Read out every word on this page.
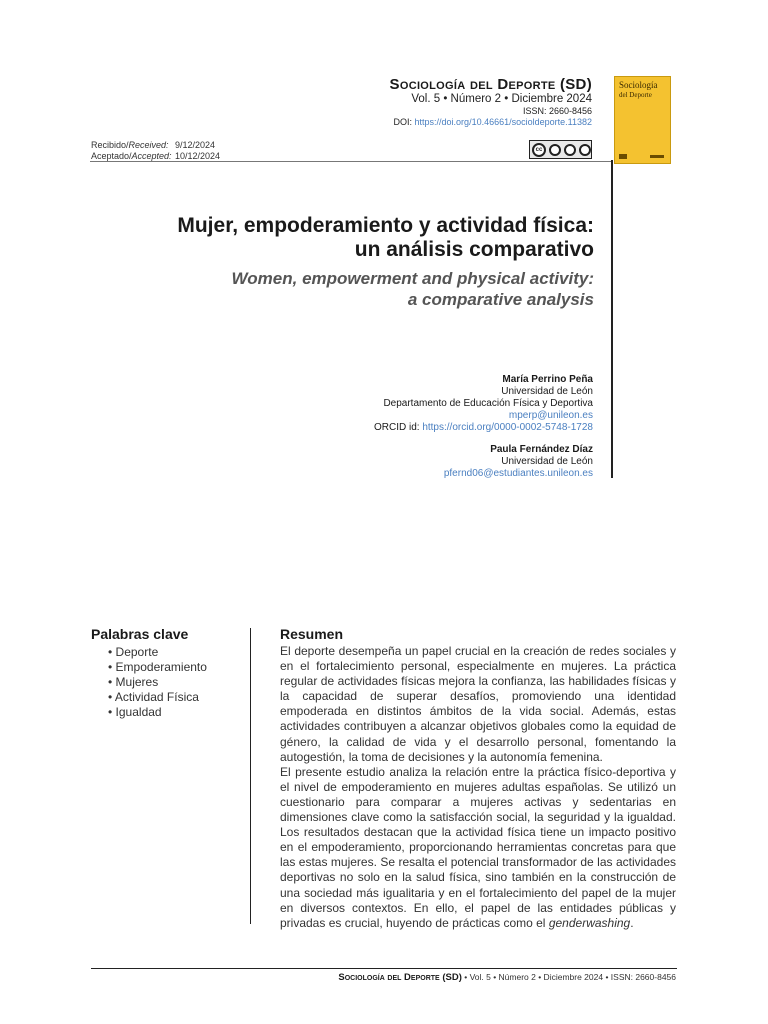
Sociología del Deporte (SD)
Vol. 5 • Número 2 • Diciembre 2024
ISSN: 2660-8456
DOI: https://doi.org/10.46661/socioldeporte.11382
Sociología
del Deporte
cc
Recibido/Received: 9/12/2024
Aceptado/Accepted: 10/12/2024
Mujer, empoderamiento y actividad física:
un análisis comparativo
Women, empowerment and physical activity:
a comparative analysis
María Perrino Peña
Universidad de León
Departamento de Educación Física y Deportiva
mperp@unileon.es
ORCID id: https://orcid.org/0000-0002-5748-1728
Paula Fernández Díaz
Universidad de León
pfernd06@estudiantes.unileon.es
Palabras clave
• Deporte
• Empoderamiento
• Mujeres
• Actividad Física
• Igualdad
Resumen

El deporte desempeña un papel crucial en la creación de redes sociales y en el fortalecimiento personal, especialmente en mujeres. La práctica regular de actividades físicas mejora la confianza, las habilidades físicas y la capacidad de superar desafíos, promoviendo una identidad empoderada en distintos ámbitos de la vida social. Además, estas actividades contribuyen a alcanzar objetivos globales como la equidad de género, la calidad de vida y el desarrollo personal, fomentando la autogestión, la toma de decisiones y la autonomía femenina.

El presente estudio analiza la relación entre la práctica físico-deportiva y el nivel de empoderamiento en mujeres adultas españolas. Se utilizó un cuestionario para comparar a mujeres activas y sedentarias en dimensiones clave como la satisfacción social, la seguridad y la igualdad. Los resultados destacan que la actividad física tiene un impacto positivo en el empoderamiento, proporcionando herramientas concretas para que las estas mujeres. Se resalta el potencial transformador de las actividades deportivas no solo en la salud física, sino también en la construcción de una sociedad más igualitaria y en el fortalecimiento del papel de la mujer en diversos contextos. En ello, el papel de las entidades públicas y privadas es crucial, huyendo de prácticas como el genderwashing.

Sociología del Deporte (SD) • Vol. 5 • Número 2 • Diciembre 2024 • ISSN: 2660-8456
